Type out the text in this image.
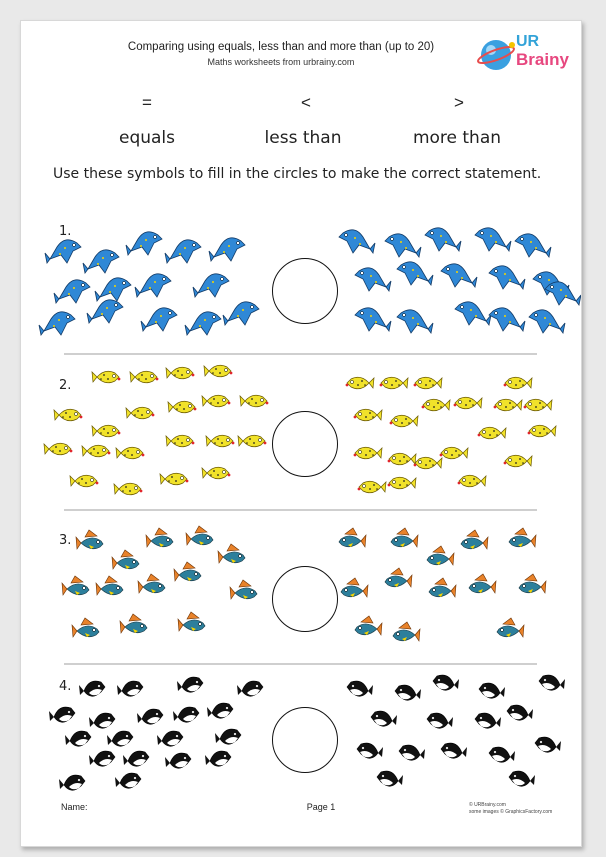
Comparing using equals, less than and more than (up to 20)
Maths worksheets from urbrainy.com
UR
Brainy
=	<	>
equals	less than	more than
Use these symbols to fill in the circles to make the correct statement.
1.
2.
3.
4.
Name:	Page 1	© URBrainy.com
some images © GraphicsFactory.com
